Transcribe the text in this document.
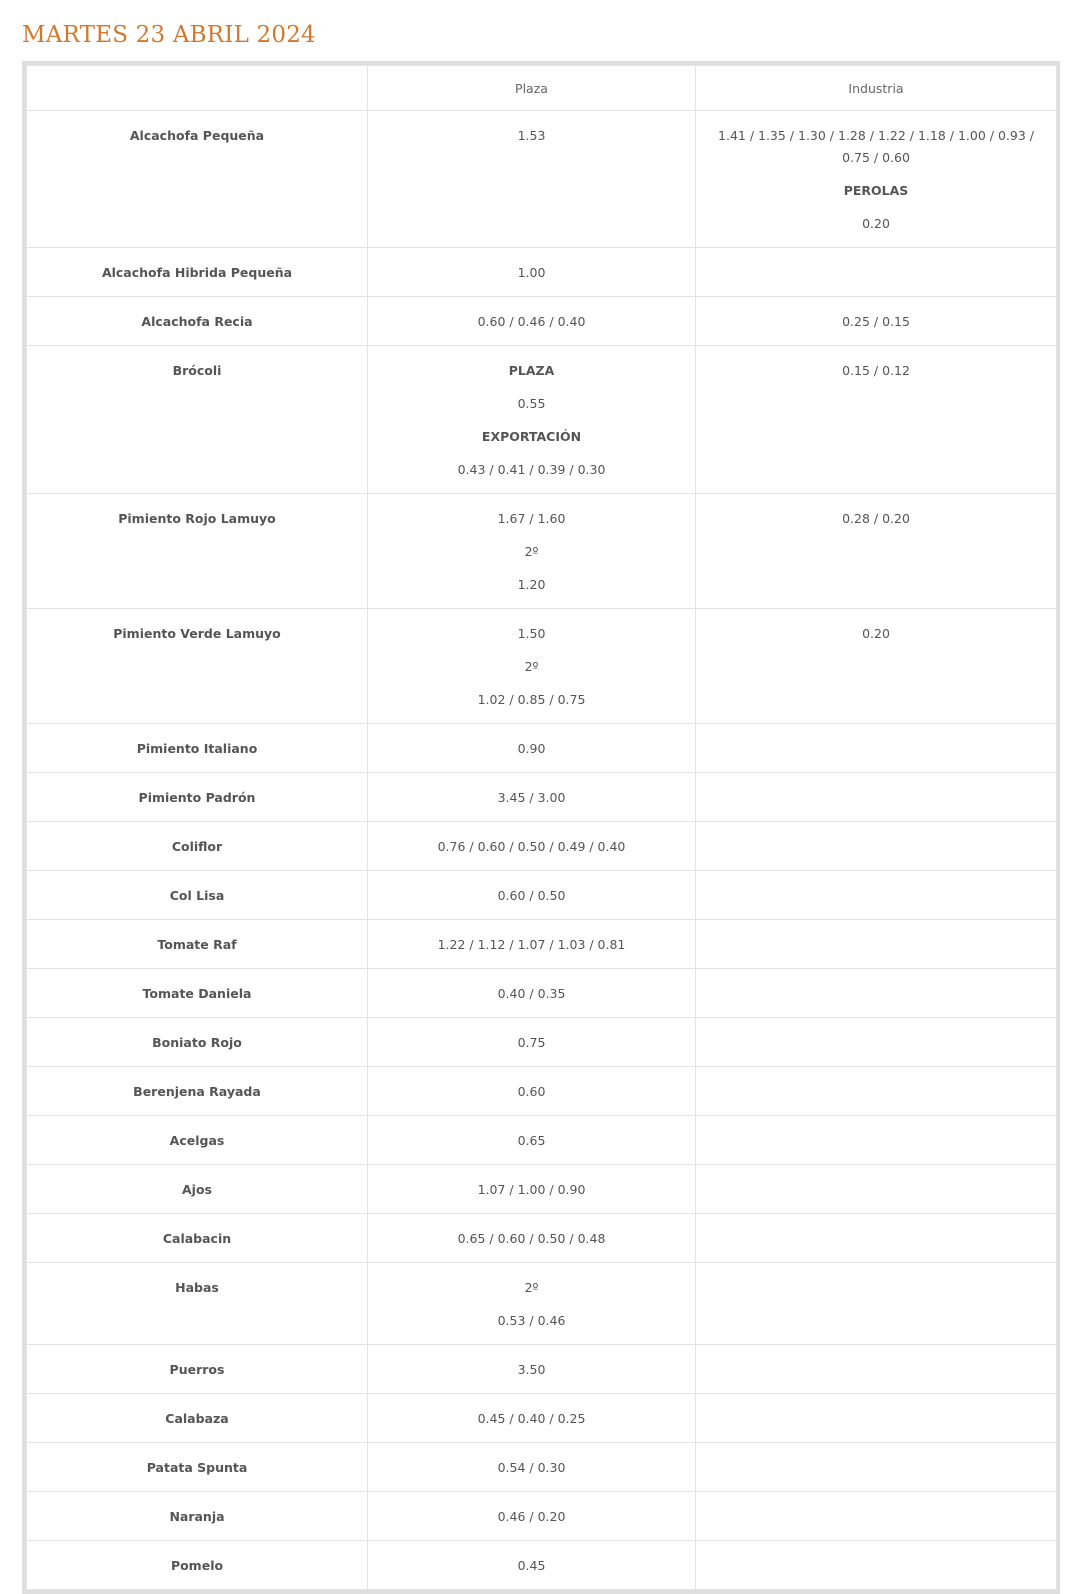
MARTES 23 ABRIL 2024
	Plaza	Industria
Alcachofa Pequeña	1.53	1.41 / 1.35 / 1.30 / 1.28 / 1.22 / 1.18 / 1.00 / 0.93 / 0.75 / 0.60
PEROLAS
0.20

Alcachofa Hibrida Pequeña	1.00	

Alcachofa Recia	0.60 / 0.46 / 0.40	0.25 / 0.15

Brócoli	PLAZA
0.55
EXPORTACIÓN
0.43 / 0.41 / 0.39 / 0.30	0.15 / 0.12

Pimiento Rojo Lamuyo	1.67 / 1.60
2º
1.20	0.28 / 0.20

Pimiento Verde Lamuyo	1.50
2º
1.02 / 0.85 / 0.75	0.20

Pimiento Italiano	0.90	

Pimiento Padrón	3.45 / 3.00	

Coliflor	0.76 / 0.60 / 0.50 / 0.49 / 0.40	

Col Lisa	0.60 / 0.50	

Tomate Raf	1.22 / 1.12 / 1.07 / 1.03 / 0.81	

Tomate Daniela	0.40 / 0.35	

Boniato Rojo	0.75	

Berenjena Rayada	0.60	

Acelgas	0.65	

Ajos	1.07 / 1.00 / 0.90	

Calabacin	0.65 / 0.60 / 0.50 / 0.48	

Habas	2º
0.53 / 0.46	

Puerros	3.50	

Calabaza	0.45 / 0.40 / 0.25	

Patata Spunta	0.54 / 0.30	

Naranja	0.46 / 0.20	

Pomelo	0.45	
